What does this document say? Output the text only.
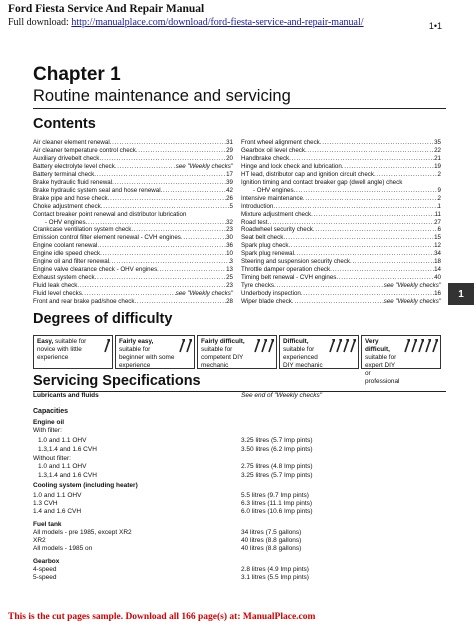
Ford Fiesta Service And Repair Manual
Full download: http://manualplace.com/download/ford-fiesta-service-and-repair-manual/	1•1
Chapter 1
Routine maintenance and servicing
Contents
Air cleaner element renewal . . .	31
Air cleaner temperature control check . . .	29
Auxiliary drivebelt check . . .	20
Battery electrolyte level check . . .	see "Weekly checks"
Battery terminal check . . .	17
Brake hydraulic fluid renewal . . .	39
Brake hydraulic system seal and hose renewal . . .	42
Brake pipe and hose check . . .	26
Choke adjustment check . . .	5
Contact breaker point renewal and distributor lubrication
- OHV engines . . .	32
Crankcase ventilation system check . . .	23
Emission control filter element renewal - CVH engines . . .	30
Engine coolant renewal . . .	36
Engine idle speed check . . .	10
Engine oil and filter renewal . . .	3
Engine valve clearance check - OHV engines . . .	13
Exhaust system check . . .	25
Fluid leak check . . .	23
Fluid level checks . . .	see "Weekly checks"
Front and rear brake pad/shoe check . . .	28
Front wheel alignment check . . .	35
Gearbox oil level check . . .	22
Handbrake check . . .	21
Hinge and lock check and lubrication . . .	19
HT lead, distributor cap and ignition circuit check . . .	2
Ignition timing and contact breaker gap (dwell angle) check
- OHV engines . . .	9
Intensive maintenance . . .	2
Introduction . . .	1
Mixture adjustment check . . .	11
Road test . . .	27
Roadwheel security check . . .	6
Seat belt check . . .	15
Spark plug check . . .	12
Spark plug renewal . . .	34
Steering and suspension security check . . .	18
Throttle damper operation check . . .	14
Timing belt renewal - CVH engines . . .	40
Tyre checks . . .	see "Weekly checks"
Underbody inspection . . .	16
Wiper blade check . . .	see "Weekly checks"
1
Degrees of difficulty
Easy, suitable for novice with little experience
Fairly easy, suitable for beginner with some experience
Fairly difficult, suitable for competent DIY mechanic
Difficult, suitable for experienced DIY mechanic
Very difficult, suitable for expert DIY or professional
Servicing Specifications
Lubricants and fluids	See end of "Weekly checks"
Capacities
Engine oil
With filter:
1.0 and 1.1 OHV	3.25 litres (5.7 Imp pints)
1.3,1.4 and 1.6 CVH	3.50 litres (6.2 Imp pints)
Without filter:
1.0 and 1.1 OHV	2.75 litres (4.8 Imp pints)
1.3,1.4 and 1.6 CVH	3.25 litres (5.7 Imp pints)
Cooling system (including heater)
1.0 and 1.1 OHV	5.5 litres (9.7 Imp pints)
1.3 CVH	6.3 litres (11.1 Imp pints)
1.4 and 1.6 CVH	6.0 litres (10.6 Imp pints)
Fuel tank
All models - pre 1985, except XR2	34 litres (7.5 gallons)
XR2	40 litres (8.8 gallons)
All models - 1985 on	40 litres (8.8 gallons)
Gearbox
4-speed	2.8 litres (4.9 Imp pints)
5-speed	3.1 litres (5.5 Imp pints)
This is the cut pages sample. Download all 166 page(s) at: ManualPlace.com
